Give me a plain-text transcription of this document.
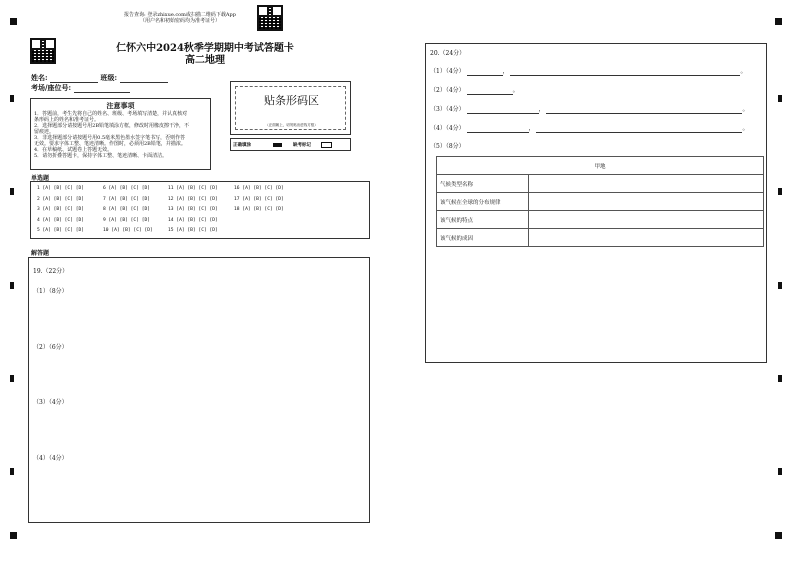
报告查询: 登录zhixue.com或扫描二维码下载App
（用户名和初始密码均为准考证号）
仁怀六中2024秋季学期期中考试答题卡
高二地理
姓名:	班级:
考场/座位号:
注意事项
1．答题前，考生先将自己的姓名、班级、考场填写清楚，并认真核对
条形码上的姓名和准考证号。
2．选择题部分请按题号用2B铅笔填涂方框，修改时用橡皮擦干净，不
留痕迹。
3．非选择题部分请按题号用0.5毫米黑色墨水签字笔书写，否则作答
无效。要求字体工整、笔迹清晰。作图时，必须用2B铅笔，并描浓。
4．在草稿纸、试题卷上答题无效。
5．请勿折叠答题卡，保持字体工整、笔迹清晰、卡面清洁。
贴条形码区
（正面朝上，切勿贴出虚线方框）
正确填涂	缺考标记
单选题
1 [A] [B] [C] [D]	6 [A] [B] [C] [D]	11 [A] [B] [C] [D]	16 [A] [B] [C] [D]
2 [A] [B] [C] [D]	7 [A] [B] [C] [D]	12 [A] [B] [C] [D]	17 [A] [B] [C] [D]
3 [A] [B] [C] [D]	8 [A] [B] [C] [D]	13 [A] [B] [C] [D]	18 [A] [B] [C] [D]
4 [A] [B] [C] [D]	9 [A] [B] [C] [D]	14 [A] [B] [C] [D]
5 [A] [B] [C] [D]	10 [A] [B] [C] [D]	15 [A] [B] [C] [D]
解答题
19.（22分）
（1）（8分）
（2）（6分）
（3）（4分）
（4）（4分）
20.（24分）
（1）（4分）	，	。
（2）（4分）	。
（3）（4分）	，	。
（4）（4分）	，	。
（5）（8分）
甲地	
气候类型名称	
该气候在全球的分布规律	
该气候的特点	
该气候的成因	
